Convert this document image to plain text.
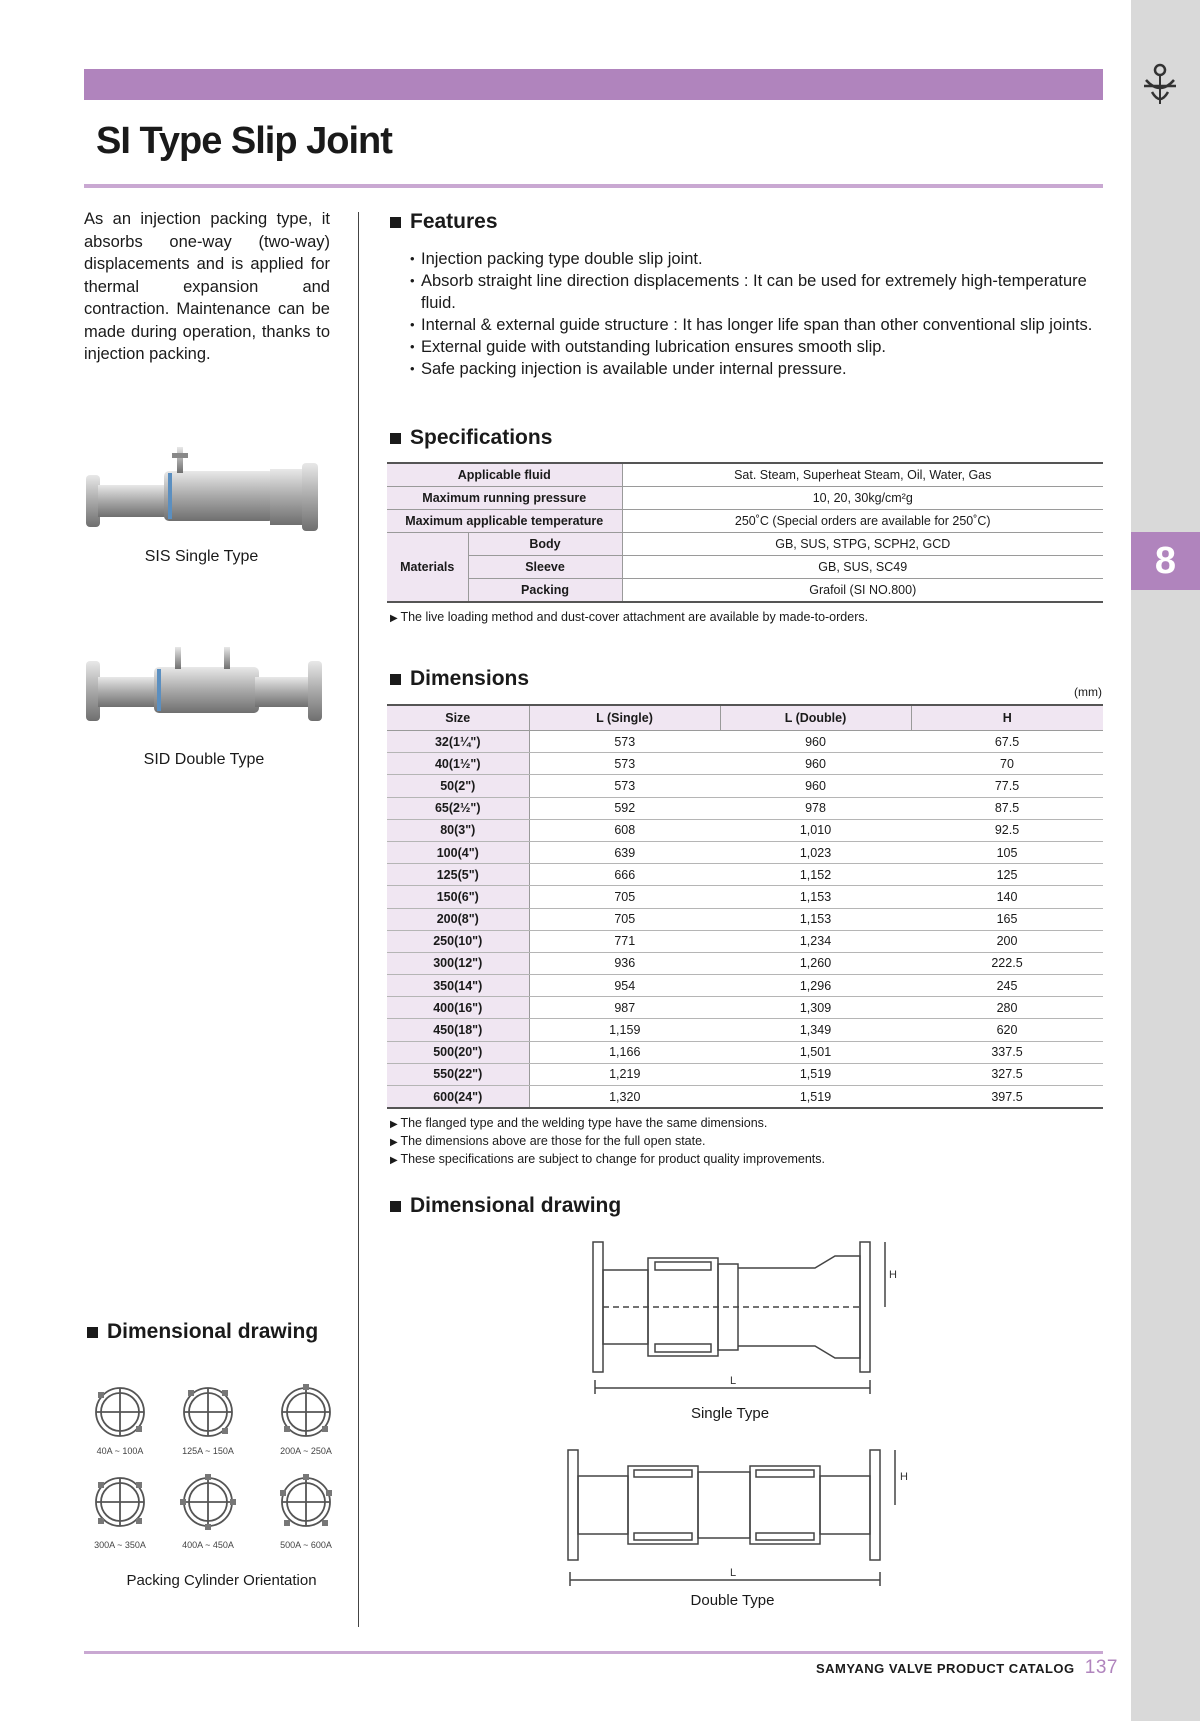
8
SI Type Slip Joint

As an injection packing type, it absorbs one-way (two-way) displacements and is applied for thermal expansion and contraction. Maintenance can be made during operation, thanks to injection packing.

SIS Single Type
SID Double Type
Dimensional drawing
40A ~ 100A	125A ~ 150A	200A ~ 250A
300A ~ 350A	400A ~ 450A	500A ~ 600A
Packing Cylinder Orientation
Features
• Injection packing type double slip joint.
• Absorb straight line direction displacements : It can be used for extremely high-temperature fluid.
• Internal & external guide structure : It has longer life span than other conventional slip joints.
• External guide with outstanding lubrication ensures smooth slip.
• Safe packing injection is available under internal pressure.
Specifications
Applicable fluid		Sat. Steam, Superheat Steam, Oil, Water, Gas
Maximum running pressure		10, 20, 30kg/cm²g
Maximum applicable temperature		250˚C (Special orders are available for 250˚C)
Materials	Body	GB, SUS, STPG, SCPH2, GCD
	Sleeve	GB, SUS, SC49
	Packing	Grafoil (SI NO.800)
▶ The live loading method and dust-cover attachment are available by made-to-orders.
Dimensions
(mm)
Size	L (Single)	L (Double)	H
32(1¼")	573	960	67.5
40(1½")	573	960	70
50(2")	573	960	77.5
65(2½")	592	978	87.5
80(3")	608	1,010	92.5
100(4")	639	1,023	105
125(5")	666	1,152	125
150(6")	705	1,153	140
200(8")	705	1,153	165
250(10")	771	1,234	200
300(12")	936	1,260	222.5
350(14")	954	1,296	245
400(16")	987	1,309	280
450(18")	1,159	1,349	620
500(20")	1,166	1,501	337.5
550(22")	1,219	1,519	327.5
600(24")	1,320	1,519	397.5
▶ The flanged type and the welding type have the same dimensions.
▶ The dimensions above are those for the full open state.
▶ These specifications are subject to change for product quality improvements.
Dimensional drawing
L
H
Single Type
L
H
Double Type
SAMYANG VALVE PRODUCT CATALOG 137
